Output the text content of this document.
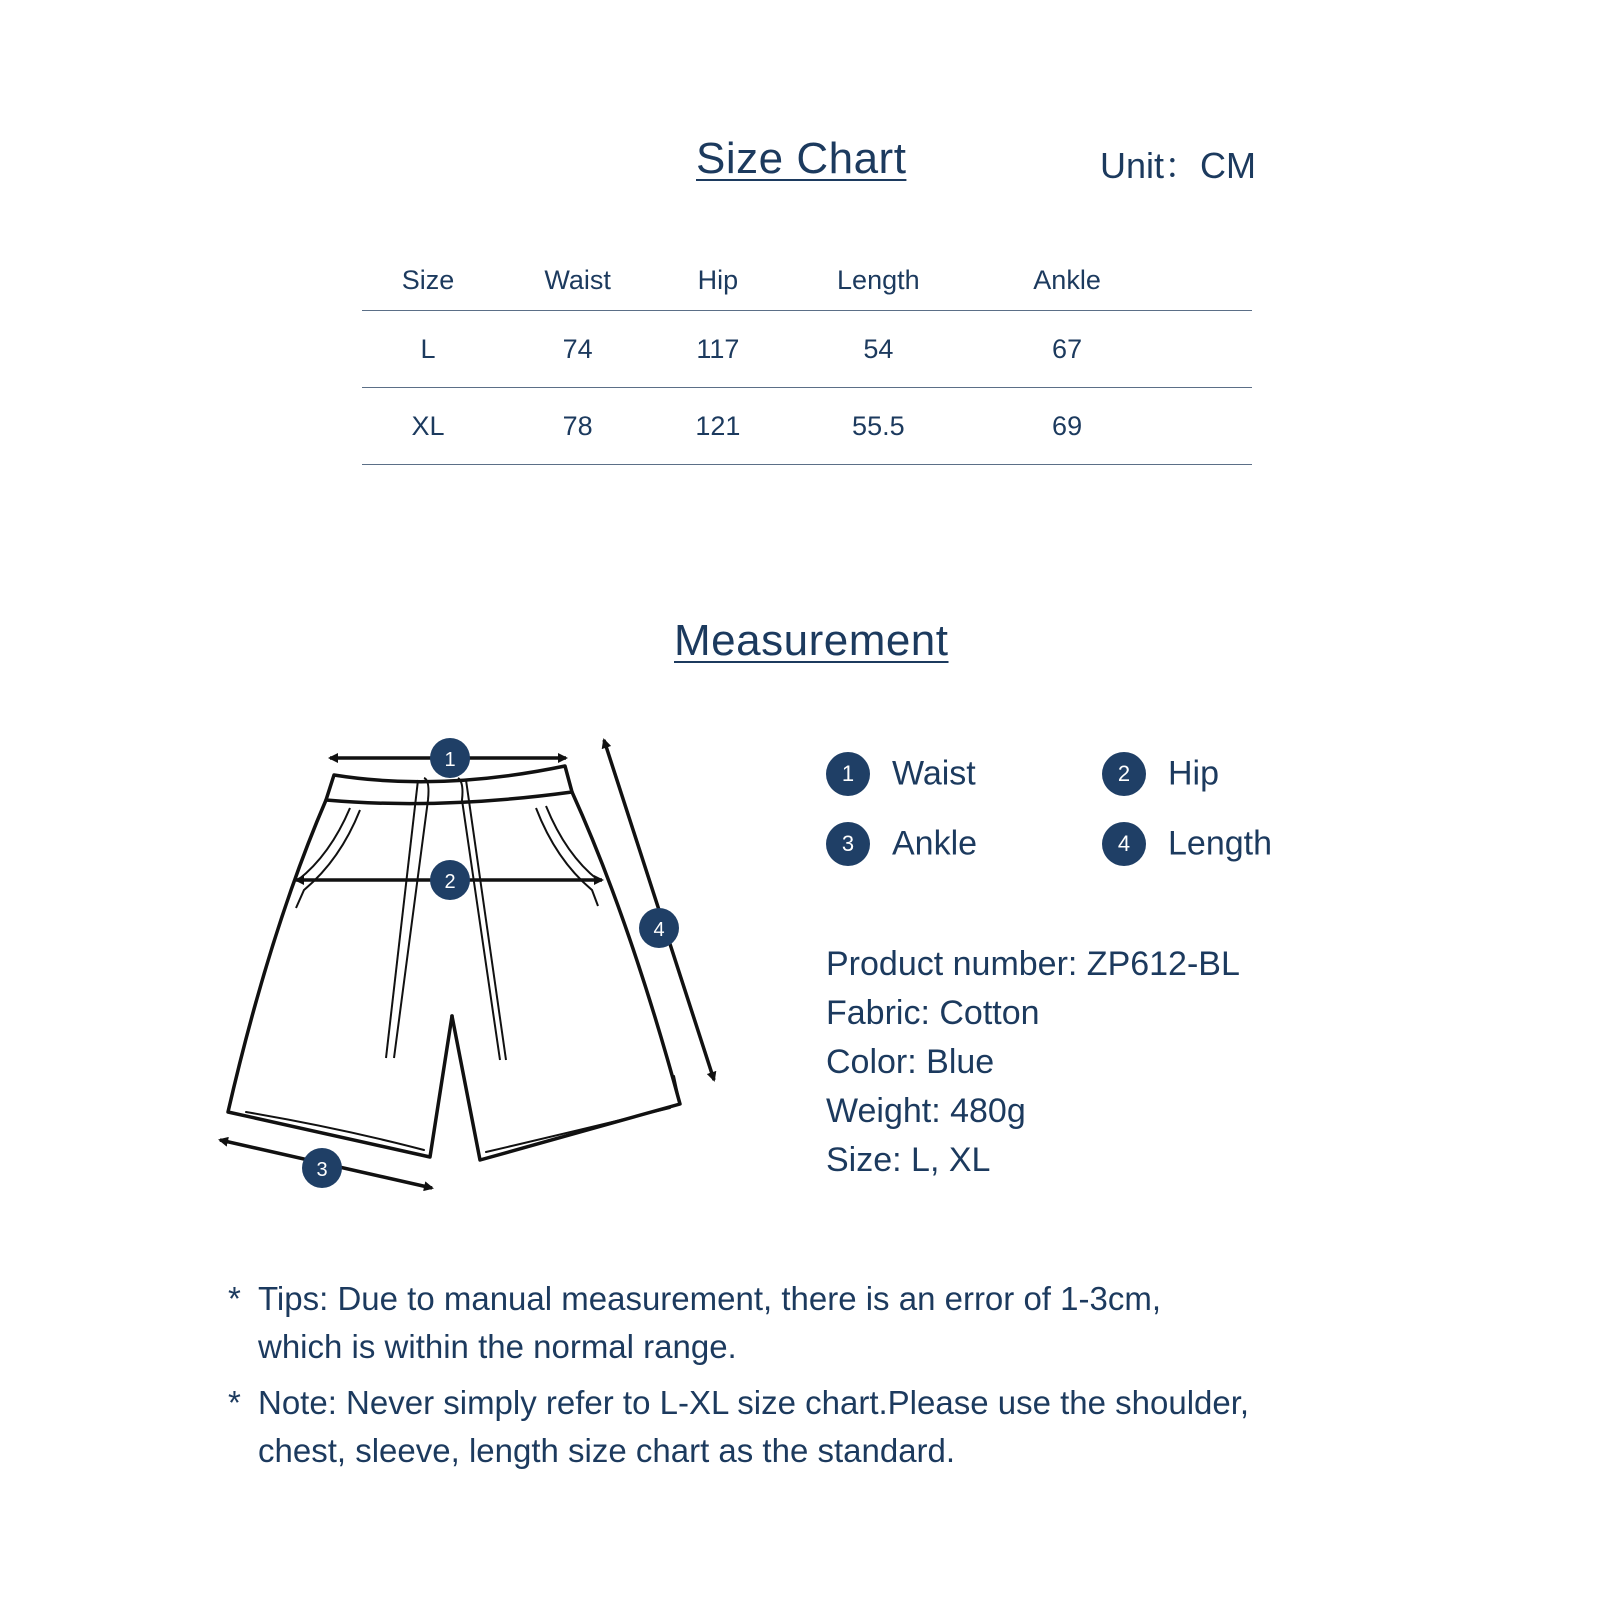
Size Chart	Unit：CM
Size	Waist	Hip	Length	Ankle	
L	74	117	54	67	
XL	78	121	55.5	69	
Measurement
1
2
3
4
1 Waist	2 Hip
3 Ankle	4 Length
Product number: ZP612-BL
Fabric: Cotton
Color: Blue
Weight: 480g
Size: L, XL
* Tips: Due to manual measurement, there is an error of 1-3cm,
which is within the normal range.
* Note: Never simply refer to L-XL size chart.Please use the shoulder,
chest, sleeve, length size chart as the standard.
